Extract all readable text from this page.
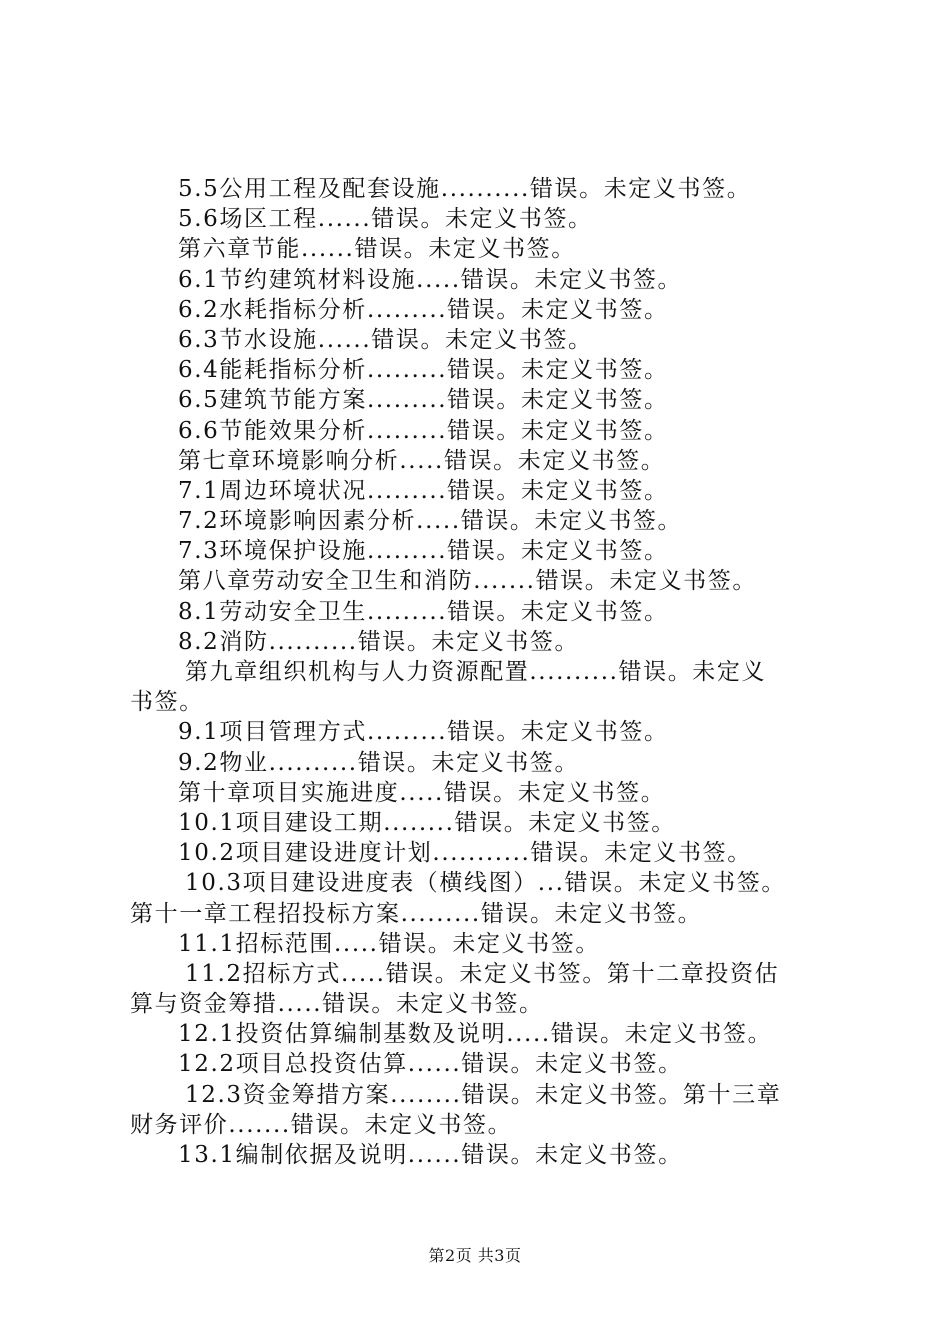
5.5公用工程及配套设施..........错误。未定义书签。
5.6场区工程......错误。未定义书签。
第六章节能......错误。未定义书签。
6.1节约建筑材料设施.....错误。未定义书签。
6.2水耗指标分析.........错误。未定义书签。
6.3节水设施......错误。未定义书签。
6.4能耗指标分析.........错误。未定义书签。
6.5建筑节能方案.........错误。未定义书签。
6.6节能效果分析.........错误。未定义书签。
第七章环境影响分析.....错误。未定义书签。
7.1周边环境状况.........错误。未定义书签。
7.2环境影响因素分析.....错误。未定义书签。
7.3环境保护设施.........错误。未定义书签。
第八章劳动安全卫生和消防.......错误。未定义书签。
8.1劳动安全卫生.........错误。未定义书签。
8.2消防..........错误。未定义书签。
第九章组织机构与人力资源配置..........错误。未定义
书签。
9.1项目管理方式.........错误。未定义书签。
9.2物业..........错误。未定义书签。
第十章项目实施进度.....错误。未定义书签。
10.1项目建设工期........错误。未定义书签。
10.2项目建设进度计划...........错误。未定义书签。
10.3项目建设进度表（横线图）...错误。未定义书签。
第十一章工程招投标方案.........错误。未定义书签。
11.1招标范围.....错误。未定义书签。
11.2招标方式.....错误。未定义书签。第十二章投资估
算与资金筹措.....错误。未定义书签。
12.1投资估算编制基数及说明.....错误。未定义书签。
12.2项目总投资估算......错误。未定义书签。
12.3资金筹措方案........错误。未定义书签。第十三章
财务评价.......错误。未定义书签。
13.1编制依据及说明......错误。未定义书签。
第2页 共3页
